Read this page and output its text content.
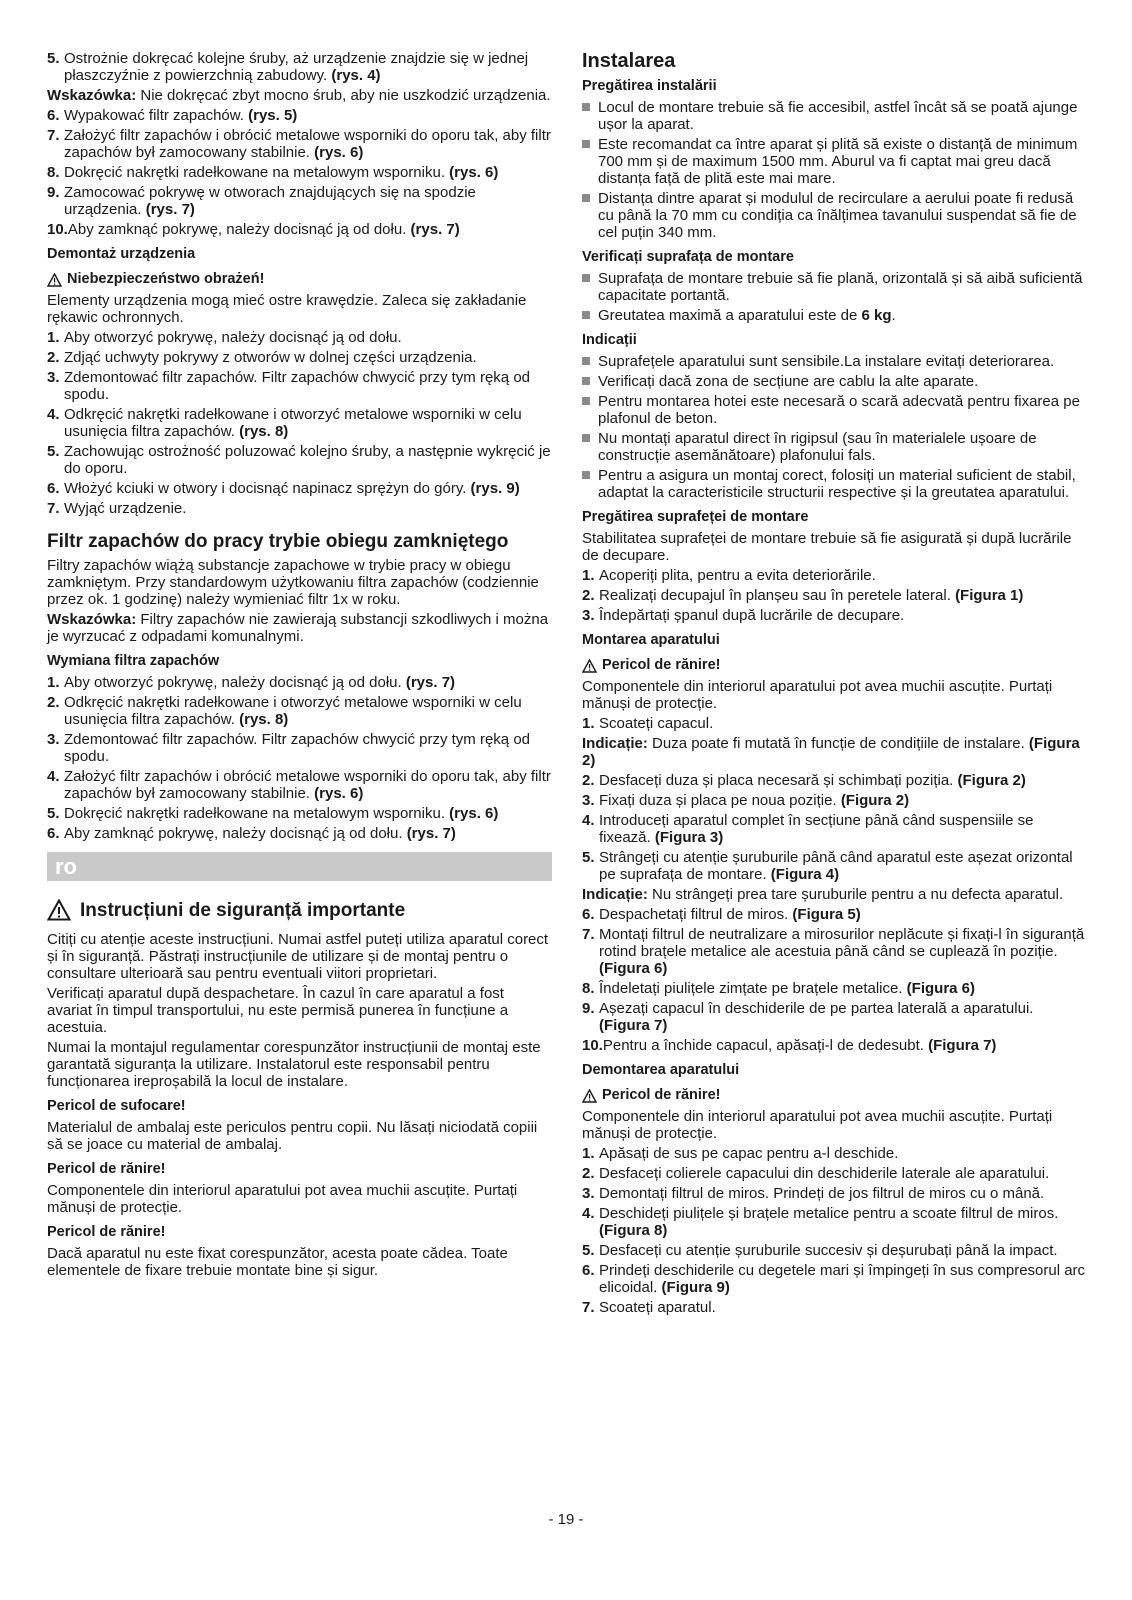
5. Ostrożnie dokręcać kolejne śruby, aż urządzenie znajdzie się w jednej płaszczyźnie z powierzchnią zabudowy. (rys. 4)

Wskazówka: Nie dokręcać zbyt mocno śrub, aby nie uszkodzić urządzenia.

6. Wypakować filtr zapachów. (rys. 5)
7. Założyć filtr zapachów i obrócić metalowe wsporniki do oporu tak, aby filtr zapachów był zamocowany stabilnie. (rys. 6)
8. Dokręcić nakrętki radełkowane na metalowym wsporniku. (rys. 6)
9. Zamocować pokrywę w otworach znajdujących się na spodzie urządzenia. (rys. 7)
10. Aby zamknąć pokrywę, należy docisnąć ją od dołu. (rys. 7)
Demontaż urządzenia
Niebezpieczeństwo obrażeń!

Elementy urządzenia mogą mieć ostre krawędzie. Zaleca się zakładanie rękawic ochronnych.

1. Aby otworzyć pokrywę, należy docisnąć ją od dołu.
2. Zdjąć uchwyty pokrywy z otworów w dolnej części urządzenia.
3. Zdemontować filtr zapachów. Filtr zapachów chwycić przy tym ręką od spodu.
4. Odkręcić nakrętki radełkowane i otworzyć metalowe wsporniki w celu usunięcia filtra zapachów. (rys. 8)
5. Zachowując ostrożność poluzować kolejno śruby, a następnie wykręcić je do oporu.
6. Włożyć kciuki w otwory i docisnąć napinacz sprężyn do góry. (rys. 9)
7. Wyjąć urządzenie.
Filtr zapachów do pracy trybie obiegu zamkniętego

Filtry zapachów wiążą substancje zapachowe w trybie pracy w obiegu zamkniętym. Przy standardowym użytkowaniu filtra zapachów (codziennie przez ok. 1 godzinę) należy wymieniać filtr 1x w roku.

Wskazówka: Filtry zapachów nie zawierają substancji szkodliwych i można je wyrzucać z odpadami komunalnymi.

Wymiana filtra zapachów
1. Aby otworzyć pokrywę, należy docisnąć ją od dołu. (rys. 7)
2. Odkręcić nakrętki radełkowane i otworzyć metalowe wsporniki w celu usunięcia filtra zapachów. (rys. 8)
3. Zdemontować filtr zapachów. Filtr zapachów chwycić przy tym ręką od spodu.
4. Założyć filtr zapachów i obrócić metalowe wsporniki do oporu tak, aby filtr zapachów był zamocowany stabilnie. (rys. 6)
5. Dokręcić nakrętki radełkowane na metalowym wsporniku. (rys. 6)
6. Aby zamknąć pokrywę, należy docisnąć ją od dołu. (rys. 7)
ro
Instrucțiuni de siguranță importante

Citiți cu atenție aceste instrucțiuni. Numai astfel puteți utiliza aparatul corect și în siguranță. Păstrați instrucțiunile de utilizare și de montaj pentru o consultare ulterioară sau pentru eventuali viitori proprietari.

Verificați aparatul după despachetare. În cazul în care aparatul a fost avariat în timpul transportului, nu este permisă punerea în funcțiune a acestuia.

Numai la montajul regulamentar corespunzător instrucțiunii de montaj este garantată siguranța la utilizare. Instalatorul este responsabil pentru funcționarea ireproșabilă la locul de instalare.

Pericol de sufocare!

Materialul de ambalaj este periculos pentru copii. Nu lăsați niciodată copiii să se joace cu material de ambalaj.

Pericol de rănire!

Componentele din interiorul aparatului pot avea muchii ascuțite. Purtați mănuși de protecție.

Pericol de rănire!

Dacă aparatul nu este fixat corespunzător, acesta poate cădea. Toate elementele de fixare trebuie montate bine și sigur.

Instalarea
Pregătirea instalării
Locul de montare trebuie să fie accesibil, astfel încât să se poată ajunge ușor la aparat.
Este recomandat ca între aparat și plită să existe o distanță de minimum 700 mm și de maximum 1500 mm. Aburul va fi captat mai greu dacă distanța față de plită este mai mare.
Distanța dintre aparat și modulul de recirculare a aerului poate fi redusă cu până la 70 mm cu condiția ca înălțimea tavanului suspendat să fie de cel puțin 340 mm.
Verificați suprafața de montare
Suprafața de montare trebuie să fie plană, orizontală și să aibă suficientă capacitate portantă.
Greutatea maximă a aparatului este de 6 kg.
Indicații
Suprafețele aparatului sunt sensibile.La instalare evitați deteriorarea.
Verificați dacă zona de secțiune are cablu la alte aparate.
Pentru montarea hotei este necesară o scară adecvată pentru fixarea pe plafonul de beton.
Nu montați aparatul direct în rigipsul (sau în materialele ușoare de construcție asemănătoare) plafonului fals.
Pentru a asigura un montaj corect, folosiți un material suficient de stabil, adaptat la caracteristicile structurii respective și la greutatea aparatului.
Pregătirea suprafeței de montare

Stabilitatea suprafeței de montare trebuie să fie asigurată și după lucrările de decupare.

1. Acoperiți plita, pentru a evita deteriorările.
2. Realizați decupajul în planșeu sau în peretele lateral. (Figura 1)
3. Îndepărtați șpanul după lucrările de decupare.
Montarea aparatului
Pericol de rănire!

Componentele din interiorul aparatului pot avea muchii ascuțite. Purtați mănuși de protecție.

1. Scoateți capacul.

Indicație: Duza poate fi mutată în funcție de condițiile de instalare. (Figura 2)

2. Desfaceți duza și placa necesară și schimbați poziția. (Figura 2)
3. Fixați duza și placa pe noua poziție. (Figura 2)
4. Introduceți aparatul complet în secțiune până când suspensiile se fixează. (Figura 3)
5. Strângeți cu atenție șuruburile până când aparatul este așezat orizontal pe suprafața de montare. (Figura 4)

Indicație: Nu strângeți prea tare șuruburile pentru a nu defecta aparatul.

6. Despachetați filtrul de miros. (Figura 5)
7. Montați filtrul de neutralizare a mirosurilor neplăcute și fixați-l în siguranță rotind brațele metalice ale acestuia până când se cuplează în poziție. (Figura 6)
8. Îndeletați piulițele zimțate pe brațele metalice. (Figura 6)
9. Așezați capacul în deschiderile de pe partea laterală a aparatului. (Figura 7)
10. Pentru a închide capacul, apăsați-l de dedesubt. (Figura 7)
Demontarea aparatului
Pericol de rănire!

Componentele din interiorul aparatului pot avea muchii ascuțite. Purtați mănuși de protecție.

1. Apăsați de sus pe capac pentru a-l deschide.
2. Desfaceți colierele capacului din deschiderile laterale ale aparatului.
3. Demontați filtrul de miros. Prindeți de jos filtrul de miros cu o mână.
4. Deschideți piulițele și brațele metalice pentru a scoate filtrul de miros. (Figura 8)
5. Desfaceți cu atenție șuruburile succesiv și deșurubați până la impact.
6. Prindeți deschiderile cu degetele mari și împingeți în sus compresorul arc elicoidal. (Figura 9)
7. Scoateți aparatul.
- 19 -
